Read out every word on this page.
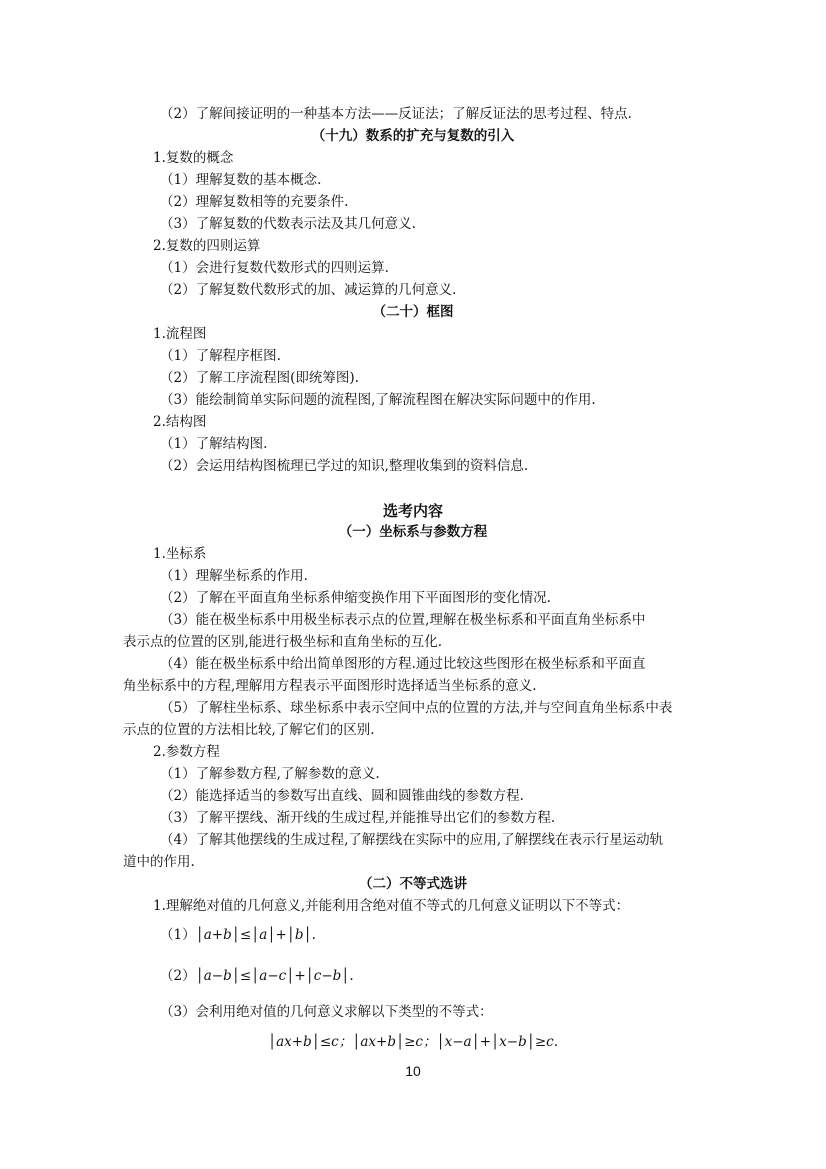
（2）了解间接证明的一种基本方法——反证法；了解反证法的思考过程、特点.
（十九）数系的扩充与复数的引入
1.复数的概念
（1）理解复数的基本概念.
（2）理解复数相等的充要条件.
（3）了解复数的代数表示法及其几何意义.
2.复数的四则运算
（1）会进行复数代数形式的四则运算.
（2）了解复数代数形式的加、减运算的几何意义.
（二十）框图
1.流程图
（1）了解程序框图.
（2）了解工序流程图(即统筹图).
（3）能绘制简单实际问题的流程图,了解流程图在解决实际问题中的作用.
2.结构图
（1）了解结构图.
（2）会运用结构图梳理已学过的知识,整理收集到的资料信息.
选考内容
（一）坐标系与参数方程
1.坐标系
（1）理解坐标系的作用.
（2）了解在平面直角坐标系伸缩变换作用下平面图形的变化情况.
（3）能在极坐标系中用极坐标表示点的位置,理解在极坐标系和平面直角坐标系中
表示点的位置的区别,能进行极坐标和直角坐标的互化.
（4）能在极坐标系中给出简单图形的方程.通过比较这些图形在极坐标系和平面直
角坐标系中的方程,理解用方程表示平面图形时选择适当坐标系的意义.
（5）了解柱坐标系、球坐标系中表示空间中点的位置的方法,并与空间直角坐标系中表
示点的位置的方法相比较,了解它们的区别.
2.参数方程
（1）了解参数方程,了解参数的意义.
（2）能选择适当的参数写出直线、圆和圆锥曲线的参数方程.
（3）了解平摆线、渐开线的生成过程,并能推导出它们的参数方程.
（4）了解其他摆线的生成过程,了解摆线在实际中的应用,了解摆线在表示行星运动轨
道中的作用.
（二）不等式选讲
1.理解绝对值的几何意义,并能利用含绝对值不等式的几何意义证明以下不等式：
（1）│a+b│≤│a│+│b│.
（2）│a−b│≤│a−c│+│c−b│.
（3）会利用绝对值的几何意义求解以下类型的不等式：
│ax+b│≤c；│ax+b│≥c；│x−a│+│x−b│≥c.
10
